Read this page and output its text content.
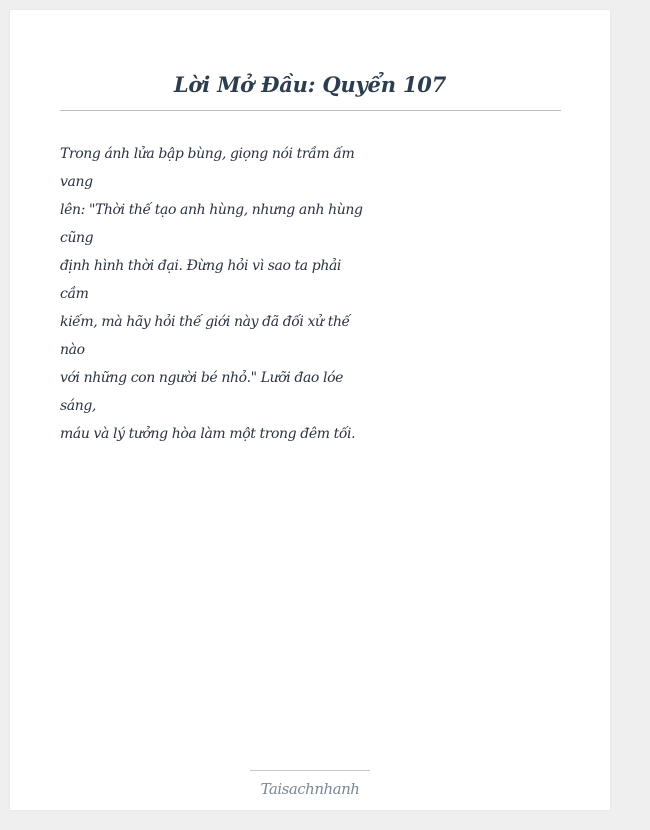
Lời Mở Đầu: Quyển 107
Trong ánh lửa bập bùng, giọng nói trầm ấm
vang
lên: "Thời thế tạo anh hùng, nhưng anh hùng
cũng
định hình thời đại. Đừng hỏi vì sao ta phải
cầm
kiếm, mà hãy hỏi thế giới này đã đối xử thế
nào
với những con người bé nhỏ." Lưỡi đao lóe
sáng,
máu và lý tưởng hòa làm một trong đêm tối.
Taisachnhanh
